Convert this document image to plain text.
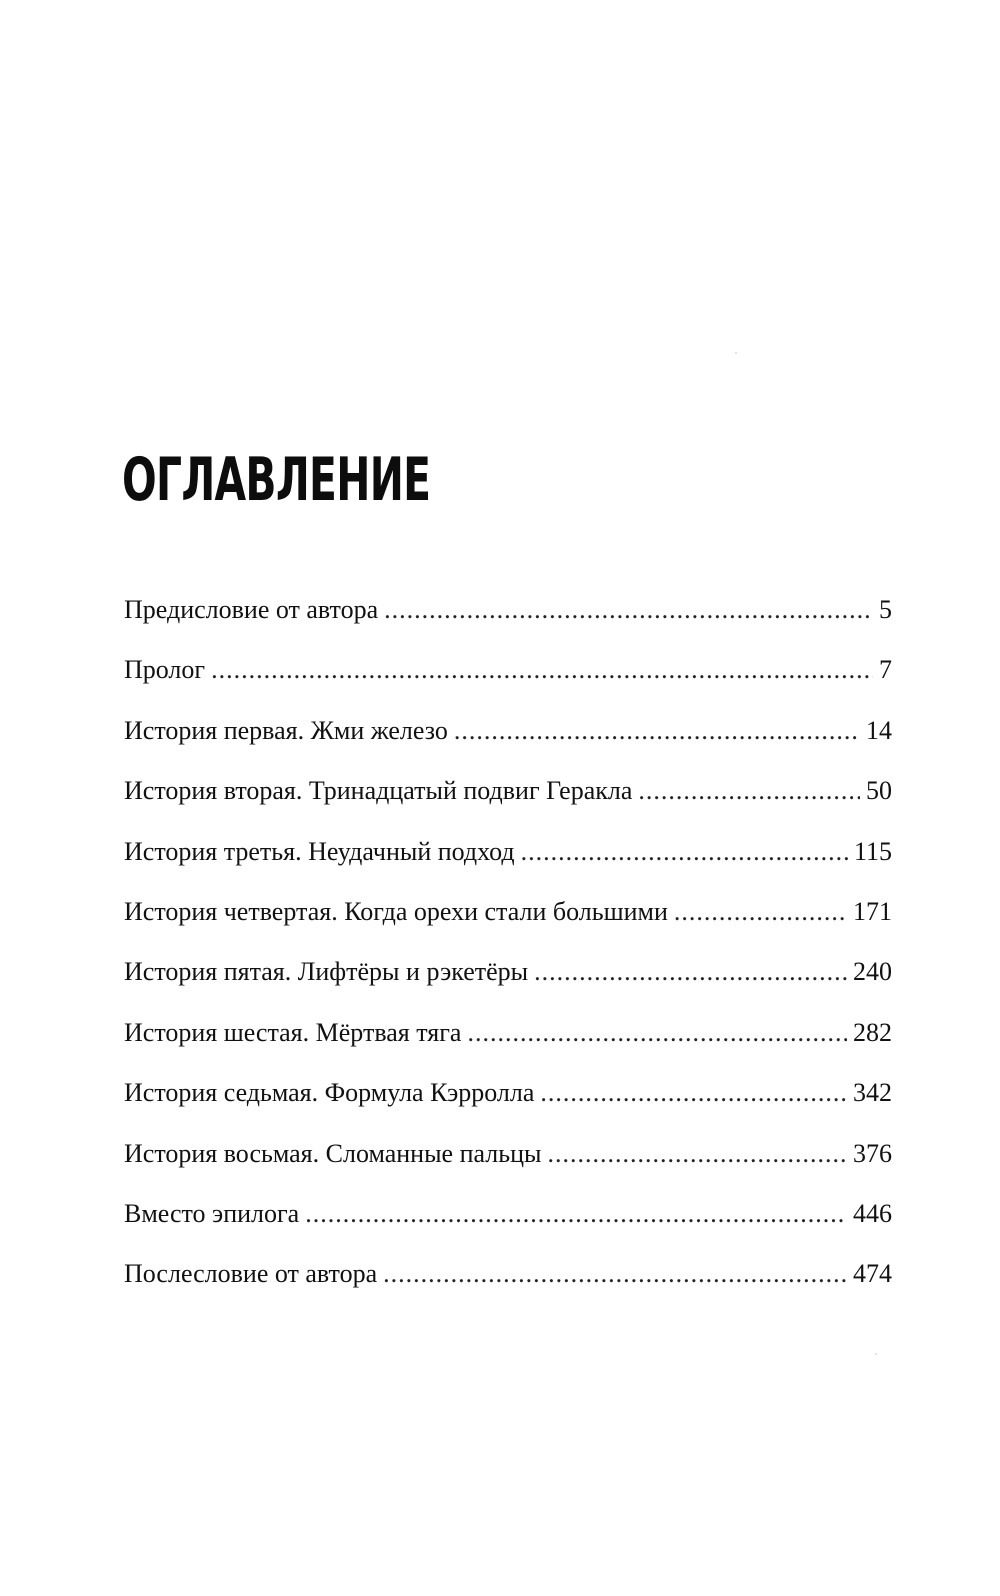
ОГЛАВЛЕНИЕ
Предисловие от автора .....	5
Пролог .....	7
История первая. Жми железо .....	14
История вторая. Тринадцатый подвиг Геракла .....	50
История третья. Неудачный подход .....	115
История четвертая. Когда орехи стали большими .....	171
История пятая. Лифтёры и рэкетёры .....	240
История шестая. Мёртвая тяга .....	282
История седьмая. Формула Кэрролла .....	342
История восьмая. Сломанные пальцы .....	376
Вместо эпилога .....	446
Послесловие от автора .....	474
